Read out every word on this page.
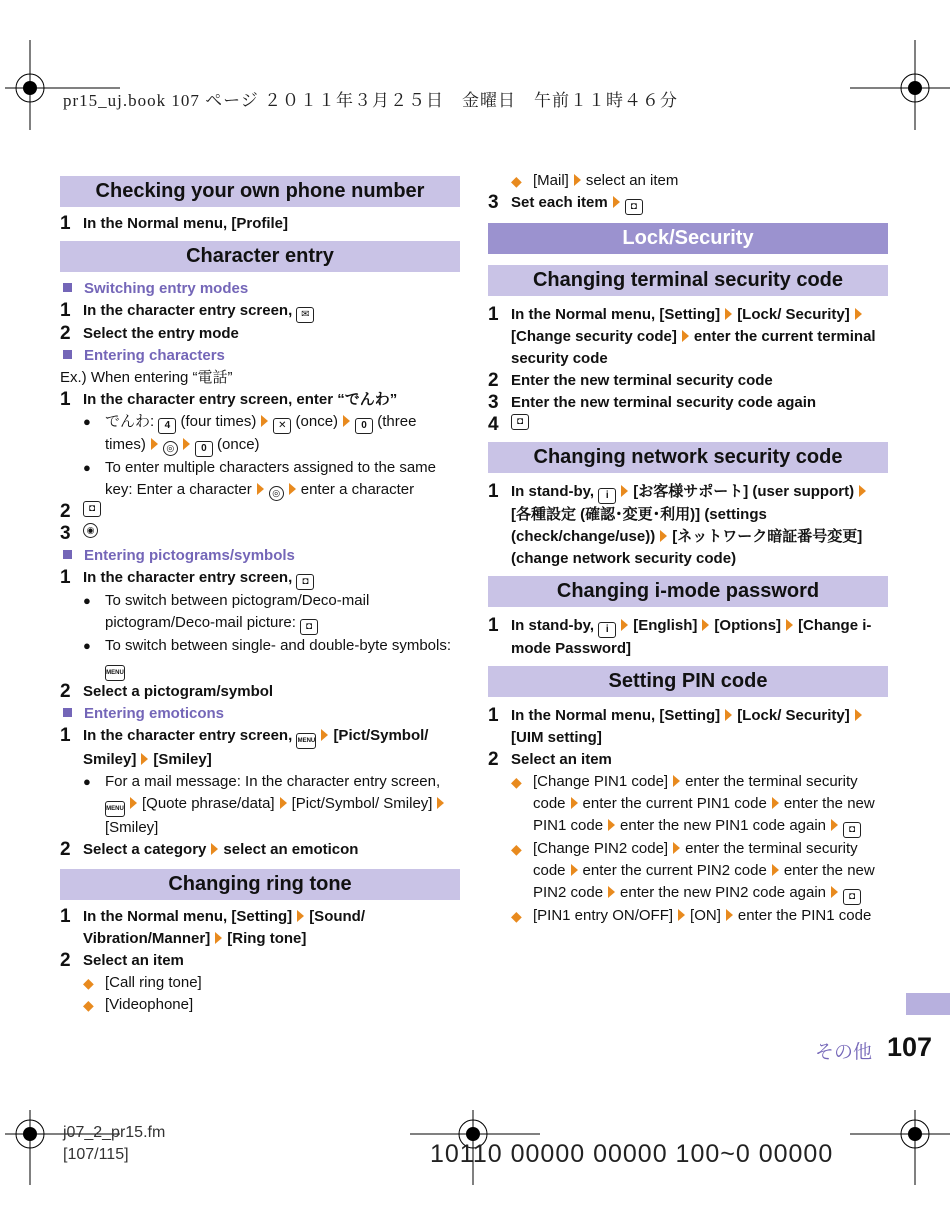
pr15_uj.book 107 ページ ２０１１年３月２５日　金曜日　午前１１時４６分
Checking your own phone number
1 In the Normal menu, [Profile]
Character entry
Switching entry modes
1 In the character entry screen, ✉
2 Select the entry mode
Entering characters
Ex.) When entering “電話”
1 In the character entry screen, enter “でんわ”
● でんわ: 4 (four times) ✕ (once) 0 (three times) ◎	0 (once)
● To enter multiple characters assigned to the same key: Enter a character ◎ enter a character
2	◘
3	◉
Entering pictograms/symbols
1 In the character entry screen, ◘
● To switch between pictogram/Deco-mail pictogram/Deco-mail picture: ◘
● To switch between single- and double-byte symbols: MENU
2 Select a pictogram/symbol
Entering emoticons
1 In the character entry screen, MENU [Pict/Symbol/ Smiley] [Smiley]
● For a mail message: In the character entry screen, MENU [Quote phrase/data] [Pict/Symbol/ Smiley][Smiley]
2 Select a category select an emoticon
Changing ring tone
1 In the Normal menu, [Setting] [Sound/ Vibration/Manner] [Ring tone]
2 Select an item
◆ [Call ring tone]
◆ [Videophone]
◆ [Mail] select an item
3 Set each item ◘
Lock/Security
Changing terminal security code
1 In the Normal menu, [Setting] [Lock/ Security][Change security code] enter the current terminal security code
2 Enter the new terminal security code
3 Enter the new terminal security code again
4	◘
Changing network security code
1 In stand-by, i [お客様サポート] (user support)[各種設定 (確認･変更･利用)] (settings (check/change/use)) [ネットワーク暗証番号変更] (change network security code)
Changing i-mode password
1 In stand-by, i [English] [Options] [Change i-mode Password]
Setting PIN code
1 In the Normal menu, [Setting] [Lock/ Security][UIM setting]
2 Select an item
◆ [Change PIN1 code] enter the terminal security code enter the current PIN1 code enter the new PIN1 code enter the new PIN1 code again ◘
◆ [Change PIN2 code] enter the terminal security code enter the current PIN2 code enter the new PIN2 code enter the new PIN2 code again ◘
◆ [PIN1 entry ON/OFF] [ON] enter the PIN1 code
その他 107
j07_2_pr15.fm
[107/115]	10110 00000 00000 100~0 00000
